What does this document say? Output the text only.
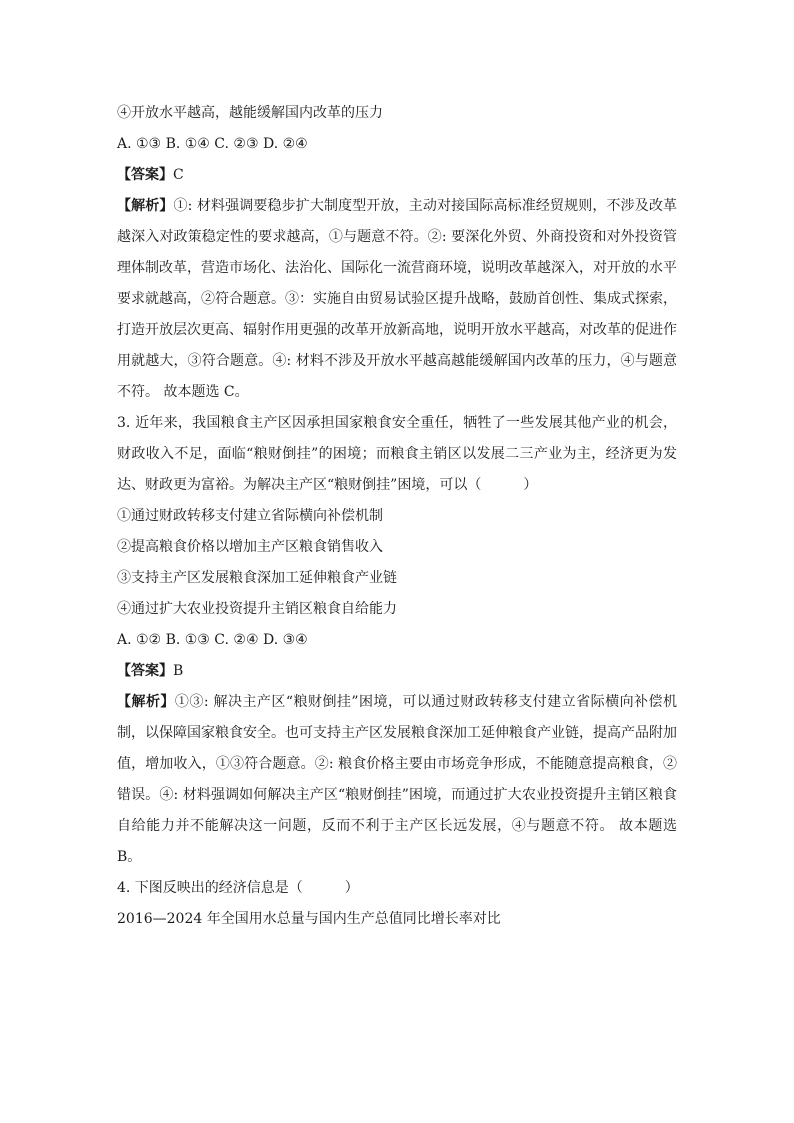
④开放水平越高，越能缓解国内改革的压力

A. ①③ B. ①④ C. ②③ D. ②④

【答案】C

【解析】①: 材料强调要稳步扩大制度型开放，主动对接国际高标准经贸规则，不涉及改革越深入对政策稳定性的要求越高，①与题意不符。②: 要深化外贸、外商投资和对外投资管理体制改革，营造市场化、法治化、国际化一流营商环境，说明改革越深入，对开放的水平要求就越高，②符合题意。③：实施自由贸易试验区提升战略，鼓励首创性、集成式探索，打造开放层次更高、辐射作用更强的改革开放新高地，说明开放水平越高，对改革的促进作用就越大，③符合题意。④: 材料不涉及开放水平越高越能缓解国内改革的压力，④与题意不符。 故本题选 C。

3. 近年来，我国粮食主产区因承担国家粮食安全重任，牺牲了一些发展其他产业的机会，财政收入不足，面临“粮财倒挂”的困境；而粮食主销区以发展二三产业为主，经济更为发达、财政更为富裕。为解决主产区“粮财倒挂”困境，可以（　　　）

①通过财政转移支付建立省际横向补偿机制

②提高粮食价格以增加主产区粮食销售收入

③支持主产区发展粮食深加工延伸粮食产业链

④通过扩大农业投资提升主销区粮食自给能力

A. ①② B. ①③ C. ②④ D. ③④

【答案】B

【解析】①③: 解决主产区“粮财倒挂”困境，可以通过财政转移支付建立省际横向补偿机制，以保障国家粮食安全。也可支持主产区发展粮食深加工延伸粮食产业链，提高产品附加值，增加收入，①③符合题意。②: 粮食价格主要由市场竞争形成，不能随意提高粮食，②错误。④: 材料强调如何解决主产区“粮财倒挂”困境，而通过扩大农业投资提升主销区粮食自给能力并不能解决这一问题，反而不利于主产区长远发展，④与题意不符。 故本题选 B。

4. 下图反映出的经济信息是（　　　）

2016—2024 年全国用水总量与国内生产总值同比增长率对比
